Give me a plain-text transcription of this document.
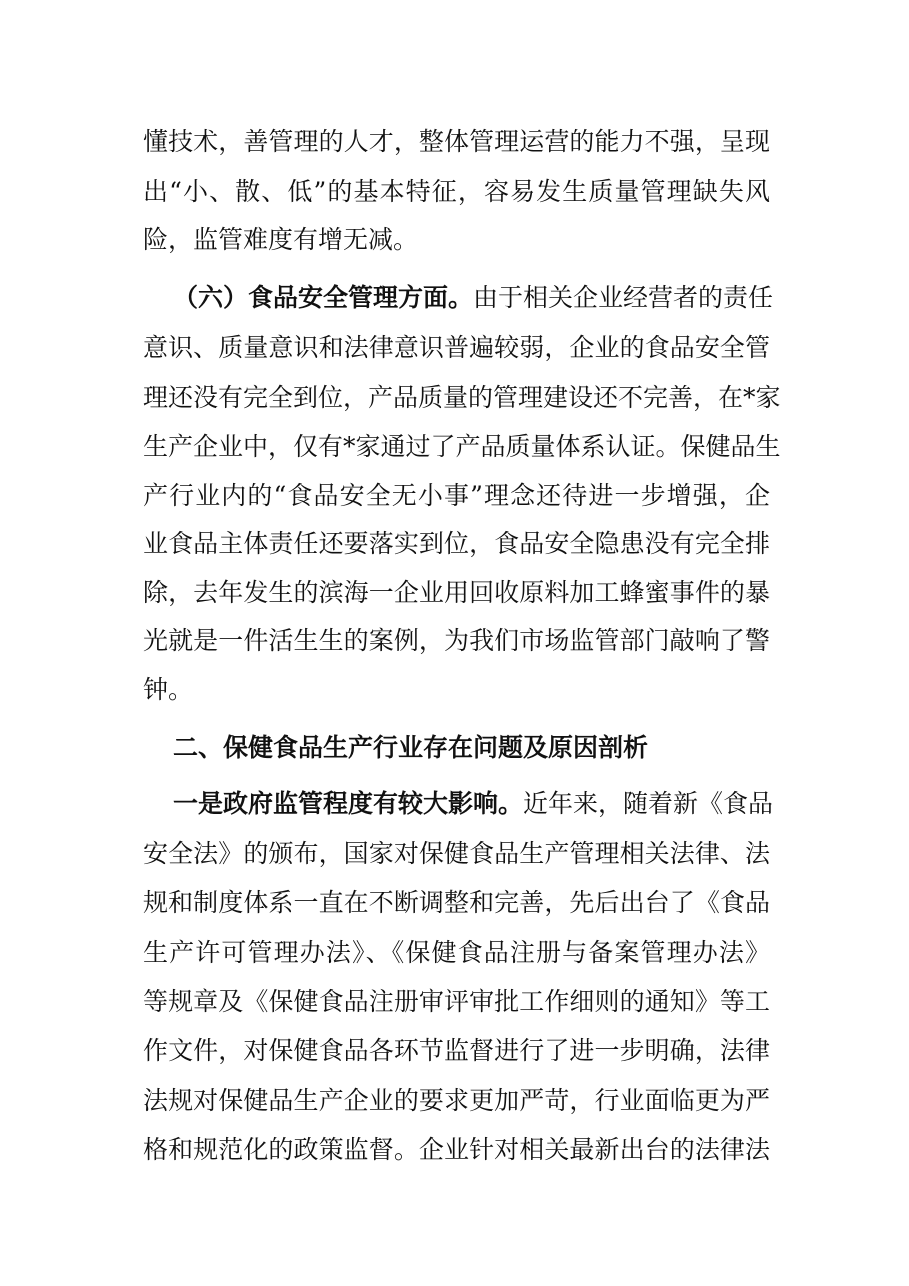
懂技术，善管理的人才，整体管理运营的能力不强，呈现
出“小、散、低”的基本特征，容易发生质量管理缺失风
险，监管难度有增无减。
（六）食品安全管理方面。由于相关企业经营者的责任
意识、质量意识和法律意识普遍较弱，企业的食品安全管
理还没有完全到位，产品质量的管理建设还不完善，在*家
生产企业中，仅有*家通过了产品质量体系认证。保健品生
产行业内的“食品安全无小事”理念还待进一步增强，企
业食品主体责任还要落实到位，食品安全隐患没有完全排
除，去年发生的滨海一企业用回收原料加工蜂蜜事件的暴
光就是一件活生生的案例，为我们市场监管部门敲响了警
钟。
二、保健食品生产行业存在问题及原因剖析
一是政府监管程度有较大影响。近年来，随着新《食品
安全法》的颁布，国家对保健食品生产管理相关法律、法
规和制度体系一直在不断调整和完善，先后出台了《食品
生产许可管理办法》、《保健食品注册与备案管理办法》
等规章及《保健食品注册审评审批工作细则的通知》等工
作文件，对保健食品各环节监督进行了进一步明确，法律
法规对保健品生产企业的要求更加严苛，行业面临更为严
格和规范化的政策监督。企业针对相关最新出台的法律法
